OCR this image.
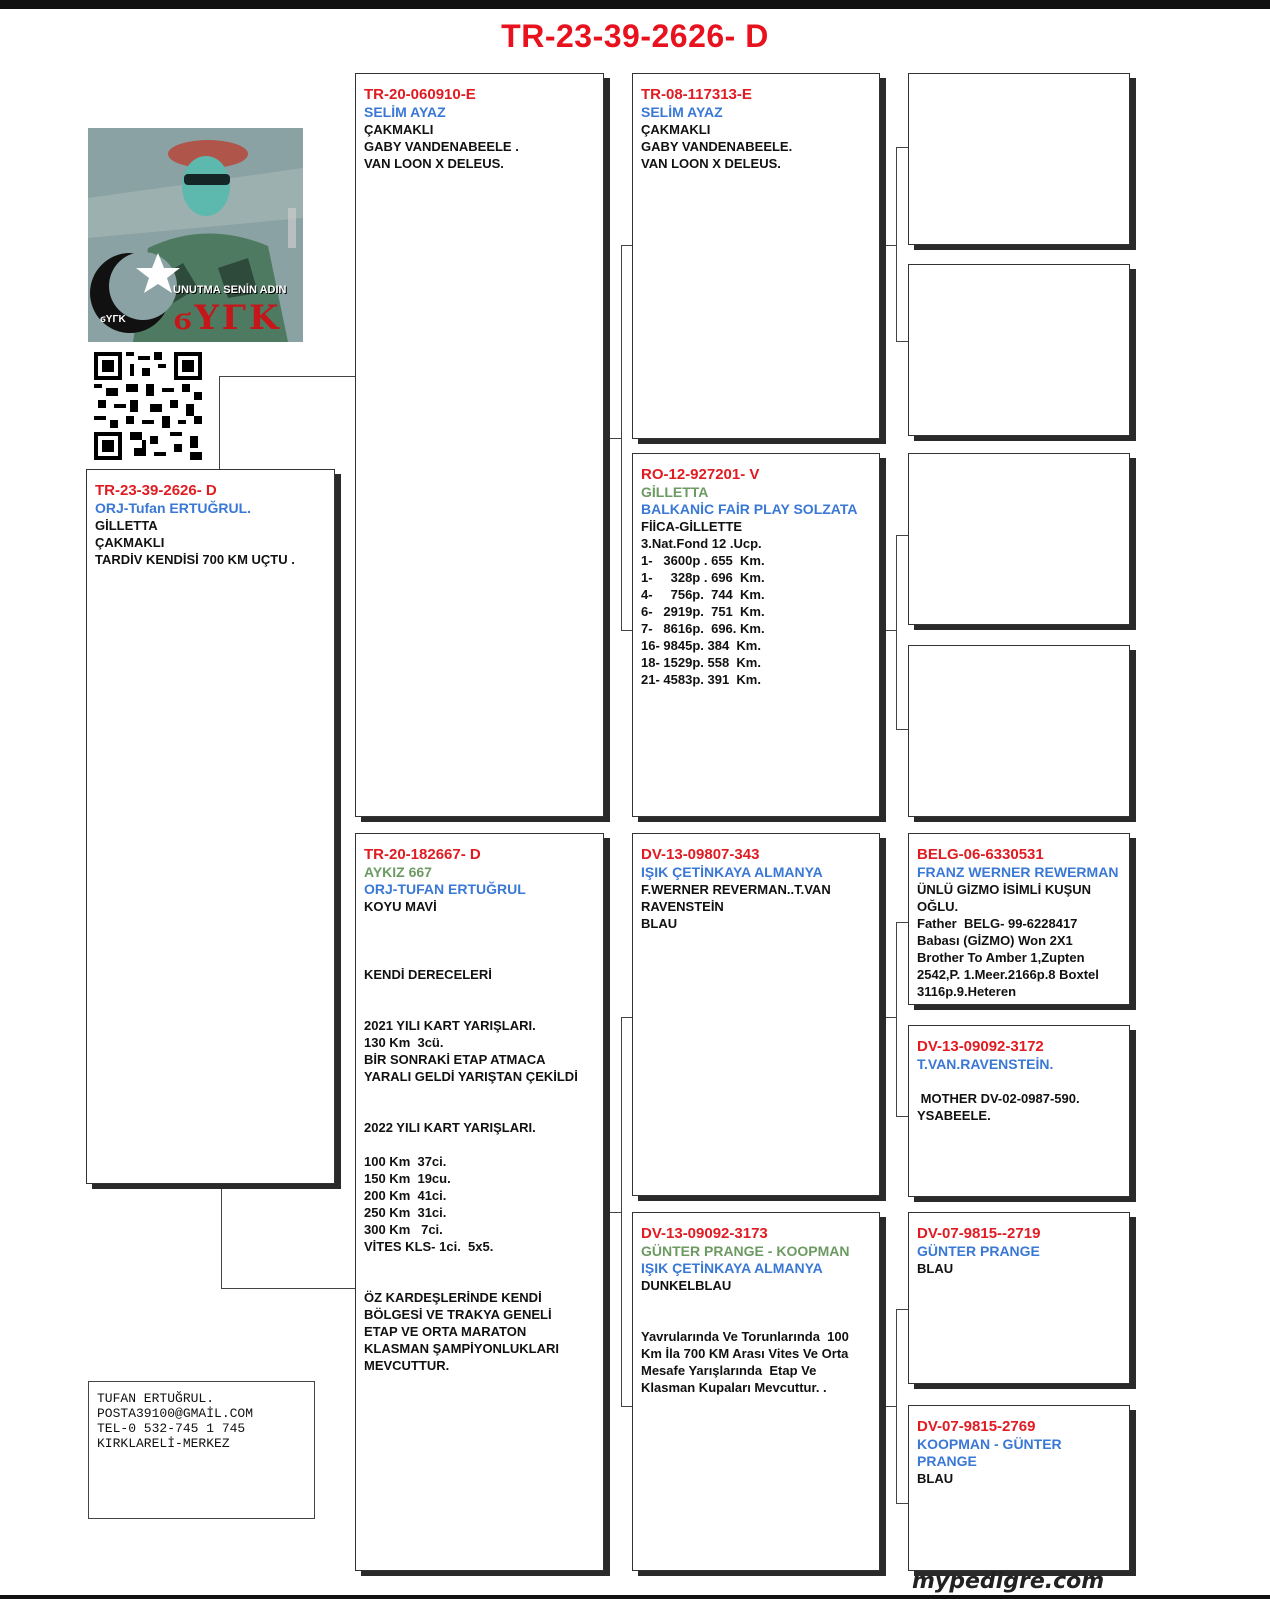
TR-23-39-2626- D
UNUTMA SENİN ADIN
ϭΥΓΚ
ϭΥΓΚ
TR-23-39-2626- D
ORJ-Tufan ERTUĞRUL.
GİLLETTA
ÇAKMAKLI
TARDİV KENDİSİ 700 KM UÇTU .
TR-20-060910-E
SELİM AYAZ
ÇAKMAKLI
GABY VANDENABEELE .
VAN LOON X DELEUS.
TR-20-182667- D
AYKIZ 667
ORJ-TUFAN ERTUĞRUL
KOYU MAVİ
KENDİ DERECELERİ
2021 YILI KART YARIŞLARI.
130 Km  3cü.
BİR SONRAKİ ETAP ATMACA
YARALI GELDİ YARIŞTAN ÇEKİLDİ
2022 YILI KART YARIŞLARI.
100 Km  37ci.
150 Km  19cu.
200 Km  41ci.
250 Km  31ci.
300 Km   7ci.
VİTES KLS- 1ci.  5x5.
ÖZ KARDEŞLERİNDE KENDİ
BÖLGESİ VE TRAKYA GENELİ
ETAP VE ORTA MARATON
KLASMAN ŞAMPİYONLUKLARI
MEVCUTTUR.
TR-08-117313-E
SELİM AYAZ
ÇAKMAKLI
GABY VANDENABEELE.
VAN LOON X DELEUS.
RO-12-927201- V
GİLLETTA
BALKANİC FAİR PLAY SOLZATA
FİİCA-GİLLETTE
3.Nat.Fond 12 .Ucp.
1-   3600p . 655  Km.
1-     328p . 696  Km.
4-     756p.  744  Km.
6-   2919p.  751  Km.
7-   8616p.  696. Km.
16- 9845p. 384  Km.
18- 1529p. 558  Km.
21- 4583p. 391  Km.
DV-13-09807-343
IŞIK ÇETİNKAYA ALMANYA
F.WERNER REVERMAN..T.VAN
RAVENSTEİN
BLAU
DV-13-09092-3173
GÜNTER PRANGE - KOOPMAN
IŞIK ÇETİNKAYA ALMANYA
DUNKELBLAU
Yavrularında Ve Torunlarında  100
Km İla 700 KM Arası Vites Ve Orta
Mesafe Yarışlarında  Etap Ve
Klasman Kupaları Mevcuttur. .
BELG-06-6330531
FRANZ WERNER REWERMAN
ÜNLÜ GİZMO İSİMLİ KUŞUN
OĞLU.
Father  BELG- 99-6228417
Babası (GİZMO) Won 2X1
Brother To Amber 1,Zupten
2542,P. 1.Meer.2166p.8 Boxtel
3116p.9.Heteren
DV-13-09092-3172
T.VAN.RAVENSTEİN.
MOTHER DV-02-0987-590.
YSABEELE.
DV-07-9815--2719
GÜNTER PRANGE
BLAU
DV-07-9815-2769
KOOPMAN - GÜNTER PRANGE
BLAU
TUFAN ERTUĞRUL.
POSTA39100@GMAİL.COM
TEL-0 532-745 1 745
KIRKLARELİ-MERKEZ
mypedigre.com
